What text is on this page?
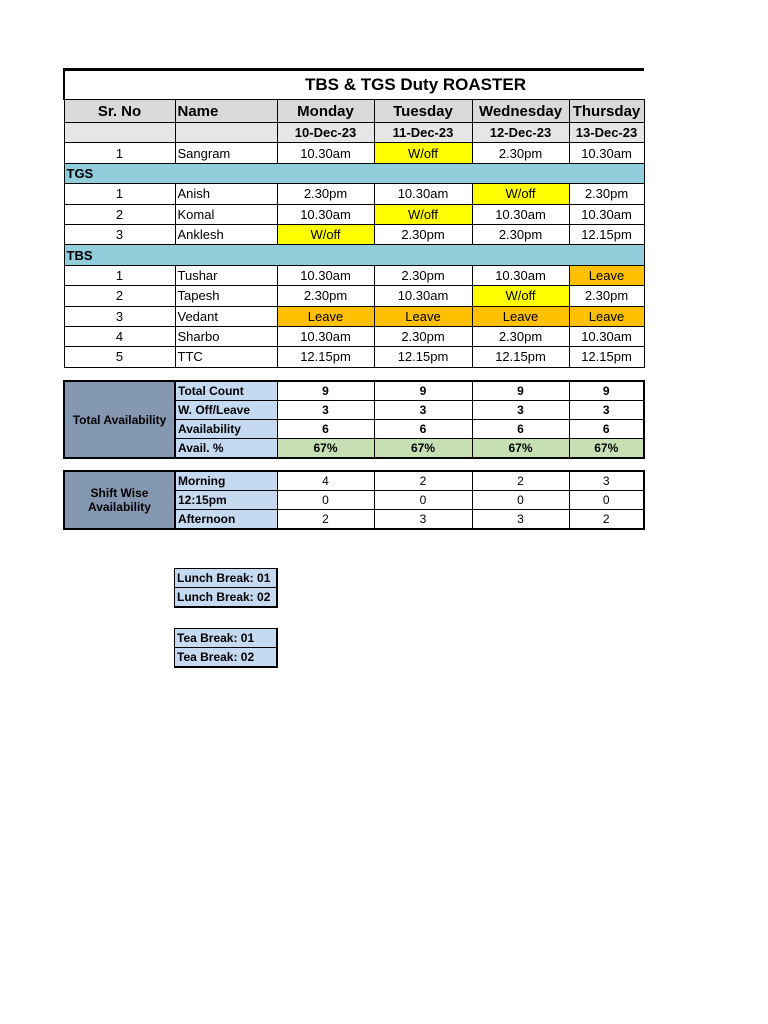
TBS & TGS Duty ROASTER					
Sr. No	Name	Monday	Tuesday	Wednesday	Thursday
		10-Dec-23	11-Dec-23	12-Dec-23	13-Dec-23
1	Sangram	10.30am	W/off	2.30pm	10.30am
TGS					
1	Anish	2.30pm	10.30am	W/off	2.30pm
2	Komal	10.30am	W/off	10.30am	10.30am
3	Anklesh	W/off	2.30pm	2.30pm	12.15pm
TBS					
1	Tushar	10.30am	2.30pm	10.30am	Leave
2	Tapesh	2.30pm	10.30am	W/off	2.30pm
3	Vedant	Leave	Leave	Leave	Leave
4	Sharbo	10.30am	2.30pm	2.30pm	10.30am
5	TTC	12.15pm	12.15pm	12.15pm	12.15pm
Total Availability	Total Count	9	9	9	9
	W. Off/Leave	3	3	3	3
	Availability	6	6	6	6
	Avail. %	67%	67%	67%	67%
Shift Wise Availability	Morning	4	2	2	3
	12:15pm	0	0	0	0
	Afternoon	2	3	3	2
Lunch Break: 01
Lunch Break: 02
Tea Break: 01
Tea Break: 02
